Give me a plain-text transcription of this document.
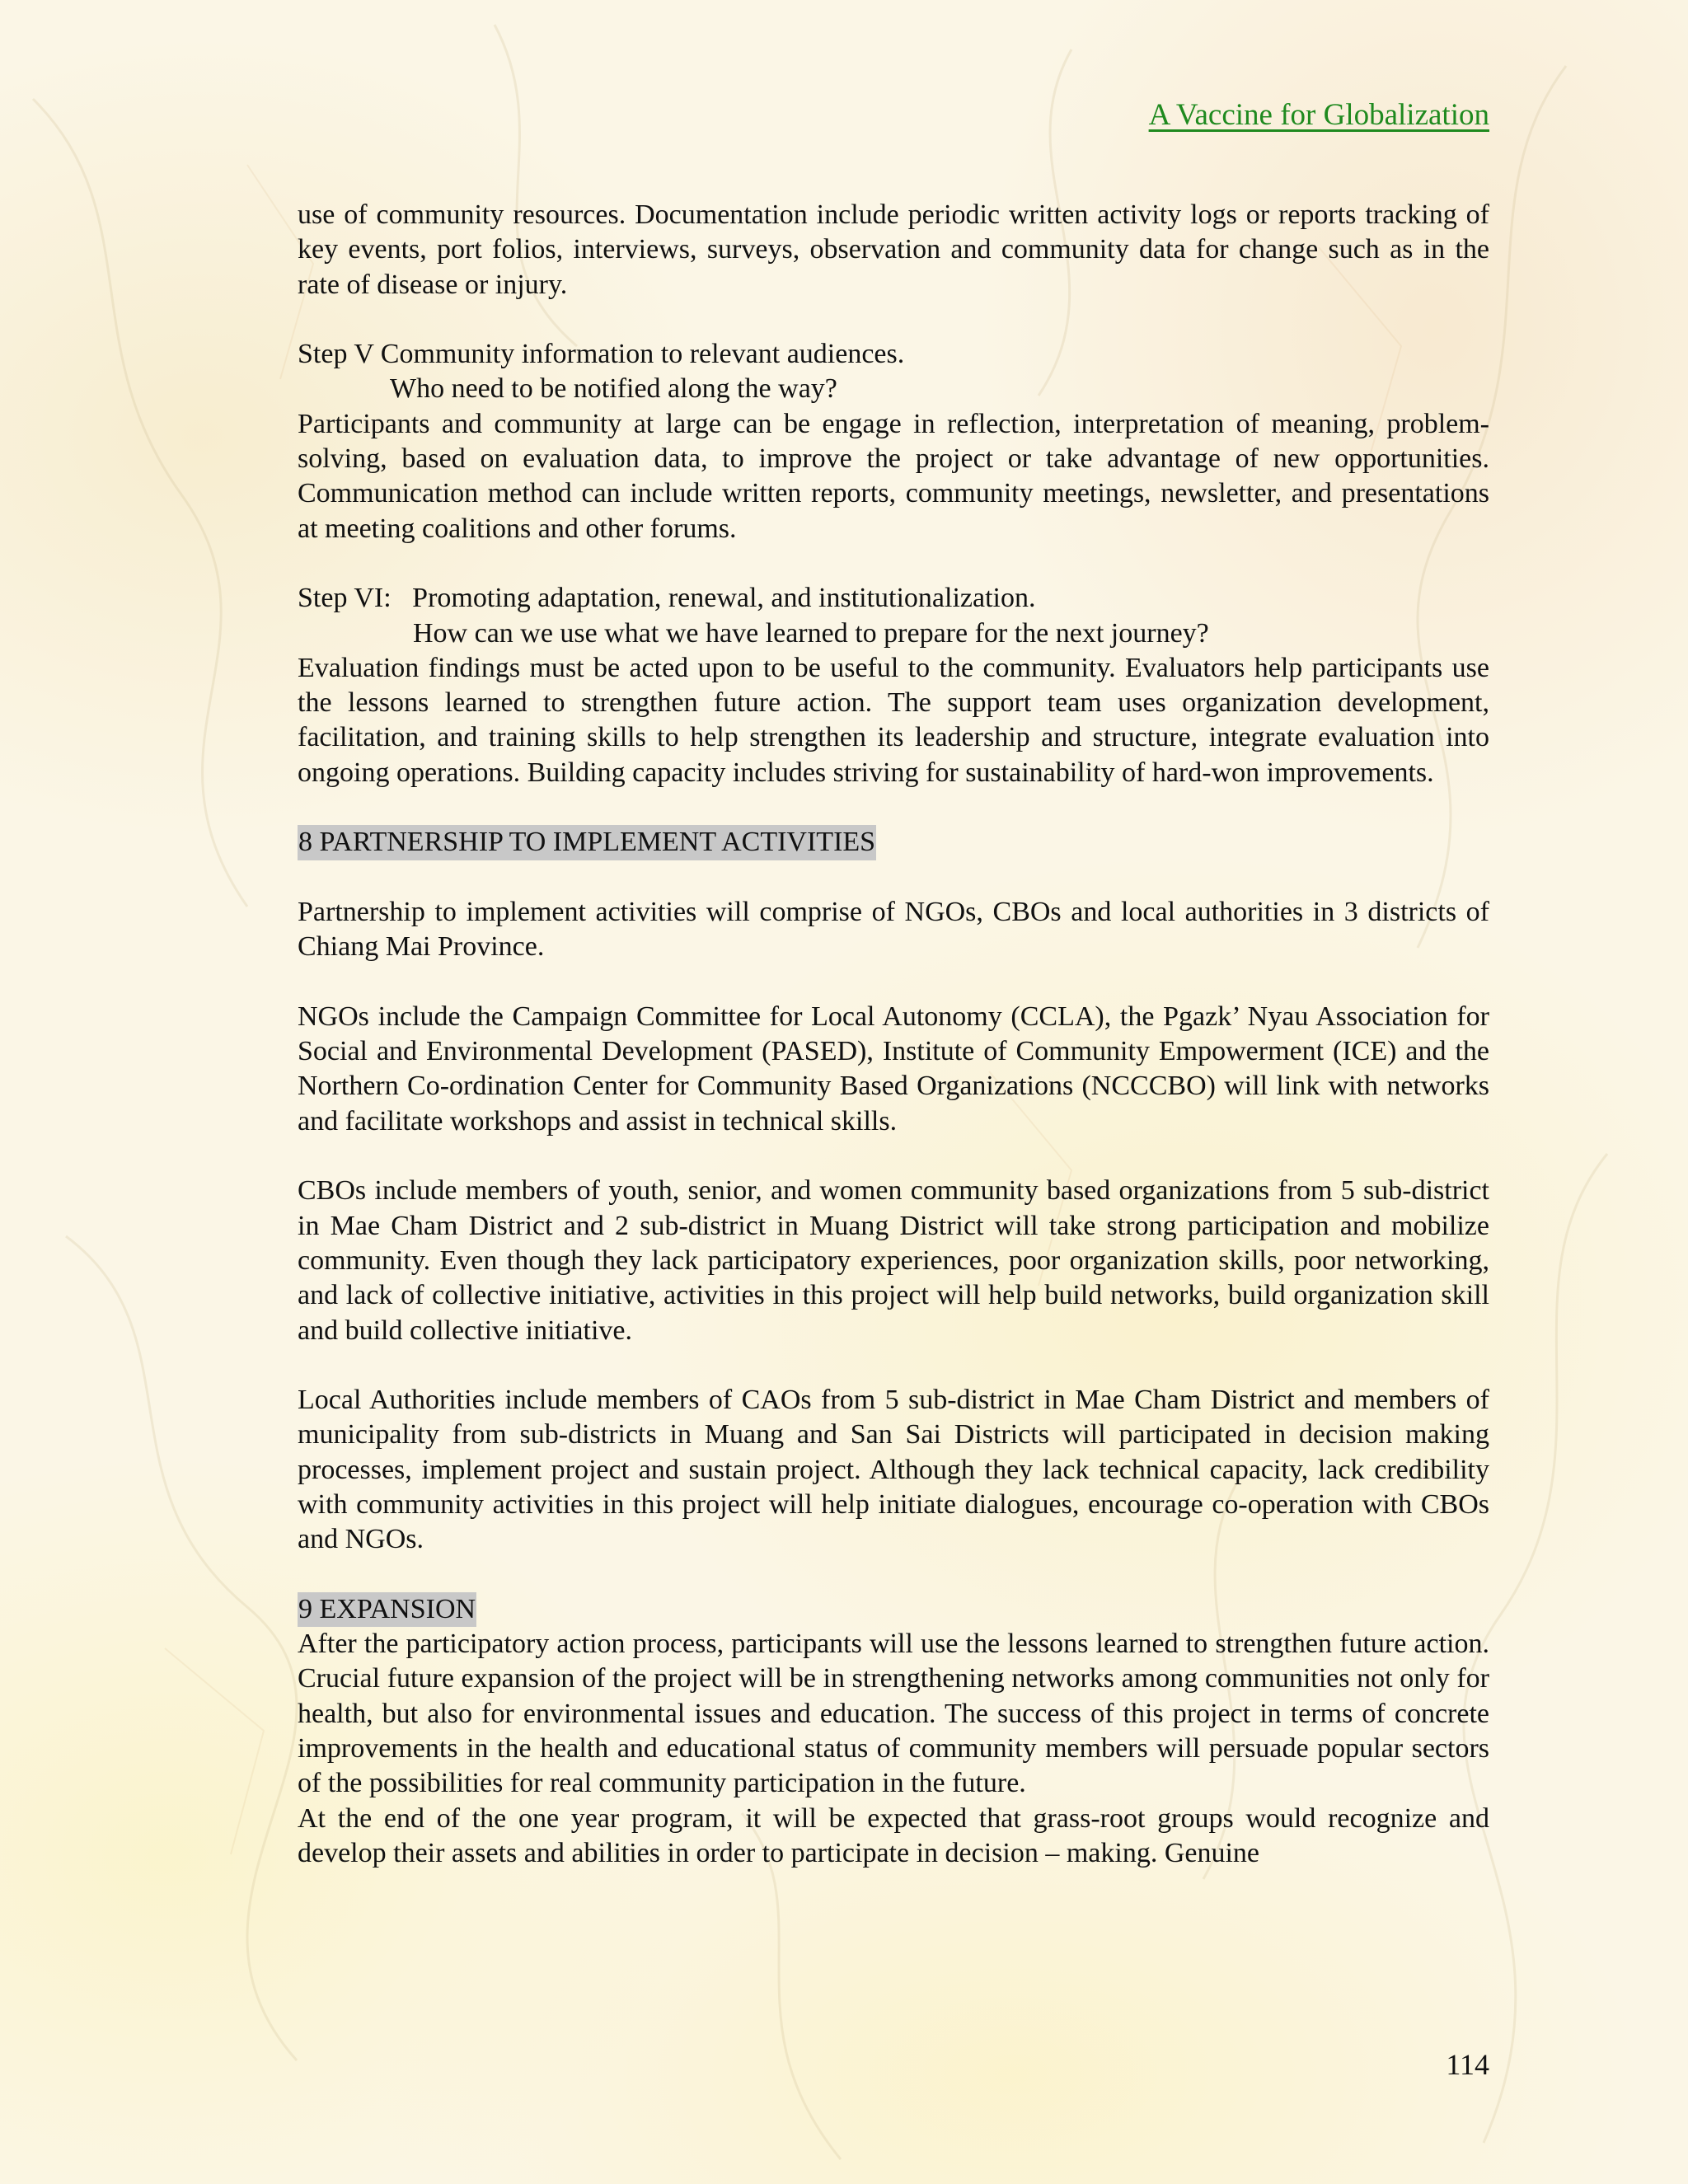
A Vaccine for Globalization

use of community resources. Documentation include periodic written activity logs or reports tracking of key events, port folios, interviews, surveys, observation and community data for change such as in the rate of disease or injury.

Step V Community information to relevant audiences.

Who need to be notified along the way?

Participants and community at large can be engage in reflection, interpretation of meaning, problem-solving, based on evaluation data, to improve the project or take advantage of new opportunities. Communication method can include written reports, community meetings, newsletter, and presentations at meeting coalitions and other forums.

Step VI:   Promoting adaptation, renewal, and institutionalization.

How can we use what we have learned to prepare for the next journey?

Evaluation findings must be acted upon to be useful to the community. Evaluators help participants use the lessons learned to strengthen future action. The support team uses organization development, facilitation, and training skills to help strengthen its leadership and structure, integrate evaluation into ongoing operations. Building capacity includes striving for sustainability of hard-won improvements.

8 PARTNERSHIP TO IMPLEMENT ACTIVITIES

Partnership to implement activities will comprise of NGOs, CBOs and local authorities in 3 districts of Chiang Mai Province.

NGOs include the Campaign Committee for Local Autonomy (CCLA), the Pgazk’ Nyau Association for Social and Environmental Development (PASED), Institute of Community Empowerment (ICE) and the Northern Co-ordination Center for Community Based Organizations (NCCCBO) will link with networks and facilitate workshops and assist in technical skills.

CBOs include members of youth, senior, and women community based organizations from 5 sub-district in Mae Cham District and 2 sub-district in Muang District will take strong participation and mobilize community. Even though they lack participatory experiences, poor organization skills, poor networking, and lack of collective initiative, activities in this project will help build networks, build organization skill and build collective initiative.

Local Authorities include members of CAOs from 5 sub-district in Mae Cham District and members of municipality from sub-districts in Muang and San Sai Districts will participated in decision making processes, implement project and sustain project. Although they lack technical capacity, lack credibility with community activities in this project will help initiate dialogues, encourage co-operation with CBOs and NGOs.

9 EXPANSION

After the participatory action process, participants will use the lessons learned to strengthen future action. Crucial future expansion of the project will be in strengthening networks among communities not only for health, but also for environmental issues and education. The success of this project in terms of concrete improvements in the health and educational status of community members will persuade popular sectors of the possibilities for real community participation in the future.

At the end of the one year program, it will be expected that grass-root groups would recognize and develop their assets and abilities in order to participate in decision – making. Genuine

114
